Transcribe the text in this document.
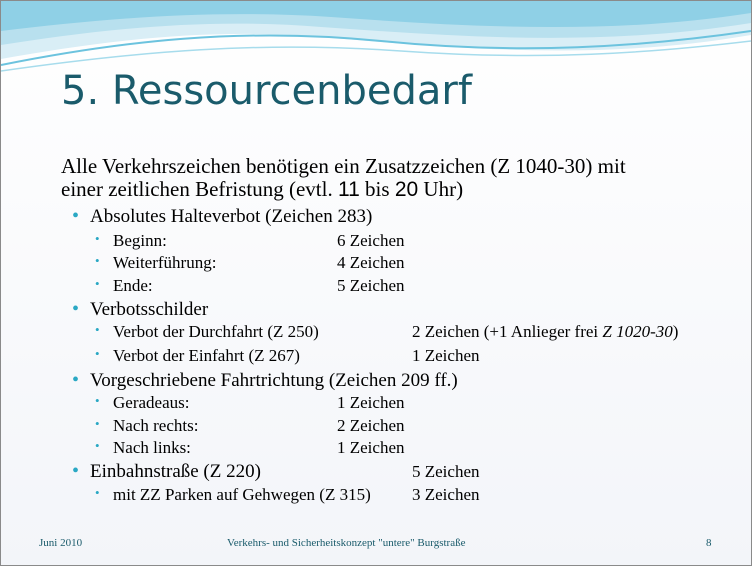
5. Ressourcenbedarf

Alle Verkehrszeichen benötigen ein Zusatzzeichen (Z 1040-30) mit
einer zeitlichen Befristung (evtl. 11 bis 20 Uhr)

• Absolutes Halteverbot (Zeichen 283)
• Beginn:	6 Zeichen
• Weiterführung:	4 Zeichen
• Ende:	5 Zeichen
• Verbotsschilder
• Verbot der Durchfahrt (Z 250)	2 Zeichen (+1 Anlieger frei Z 1020-30)
• Verbot der Einfahrt (Z 267)	1 Zeichen
• Vorgeschriebene Fahrtrichtung (Zeichen 209 ff.)
• Geradeaus:	1 Zeichen
• Nach rechts:	2 Zeichen
• Nach links:	1 Zeichen
• Einbahnstraße (Z 220)	5 Zeichen
• mit ZZ Parken auf Gehwegen (Z 315) 3 Zeichen
Juni 2010	Verkehrs- und Sicherheitskonzept "untere" Burgstraße	8
